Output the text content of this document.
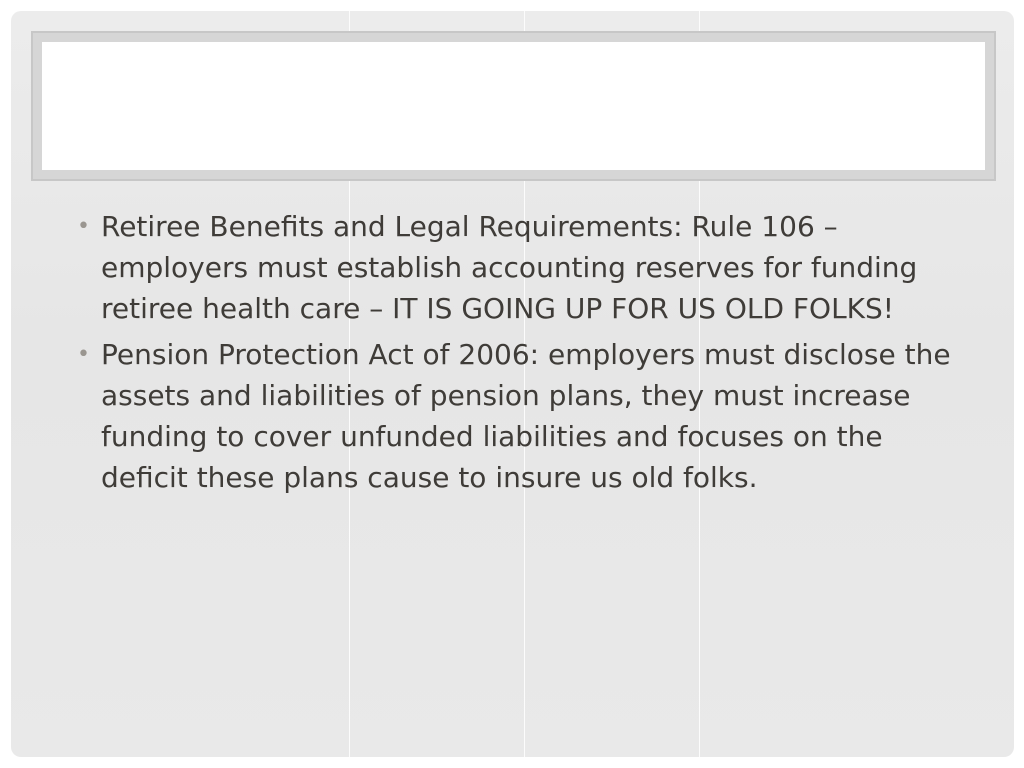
• Retiree Benefits and Legal Requirements: Rule 106 – employers must establish accounting reserves for funding retiree health care – IT IS GOING UP FOR US OLD FOLKS!
• Pension Protection Act of 2006: employers must disclose the assets and liabilities of pension plans, they must increase funding to cover unfunded liabilities and focuses on the deficit these plans cause to insure us old folks.
